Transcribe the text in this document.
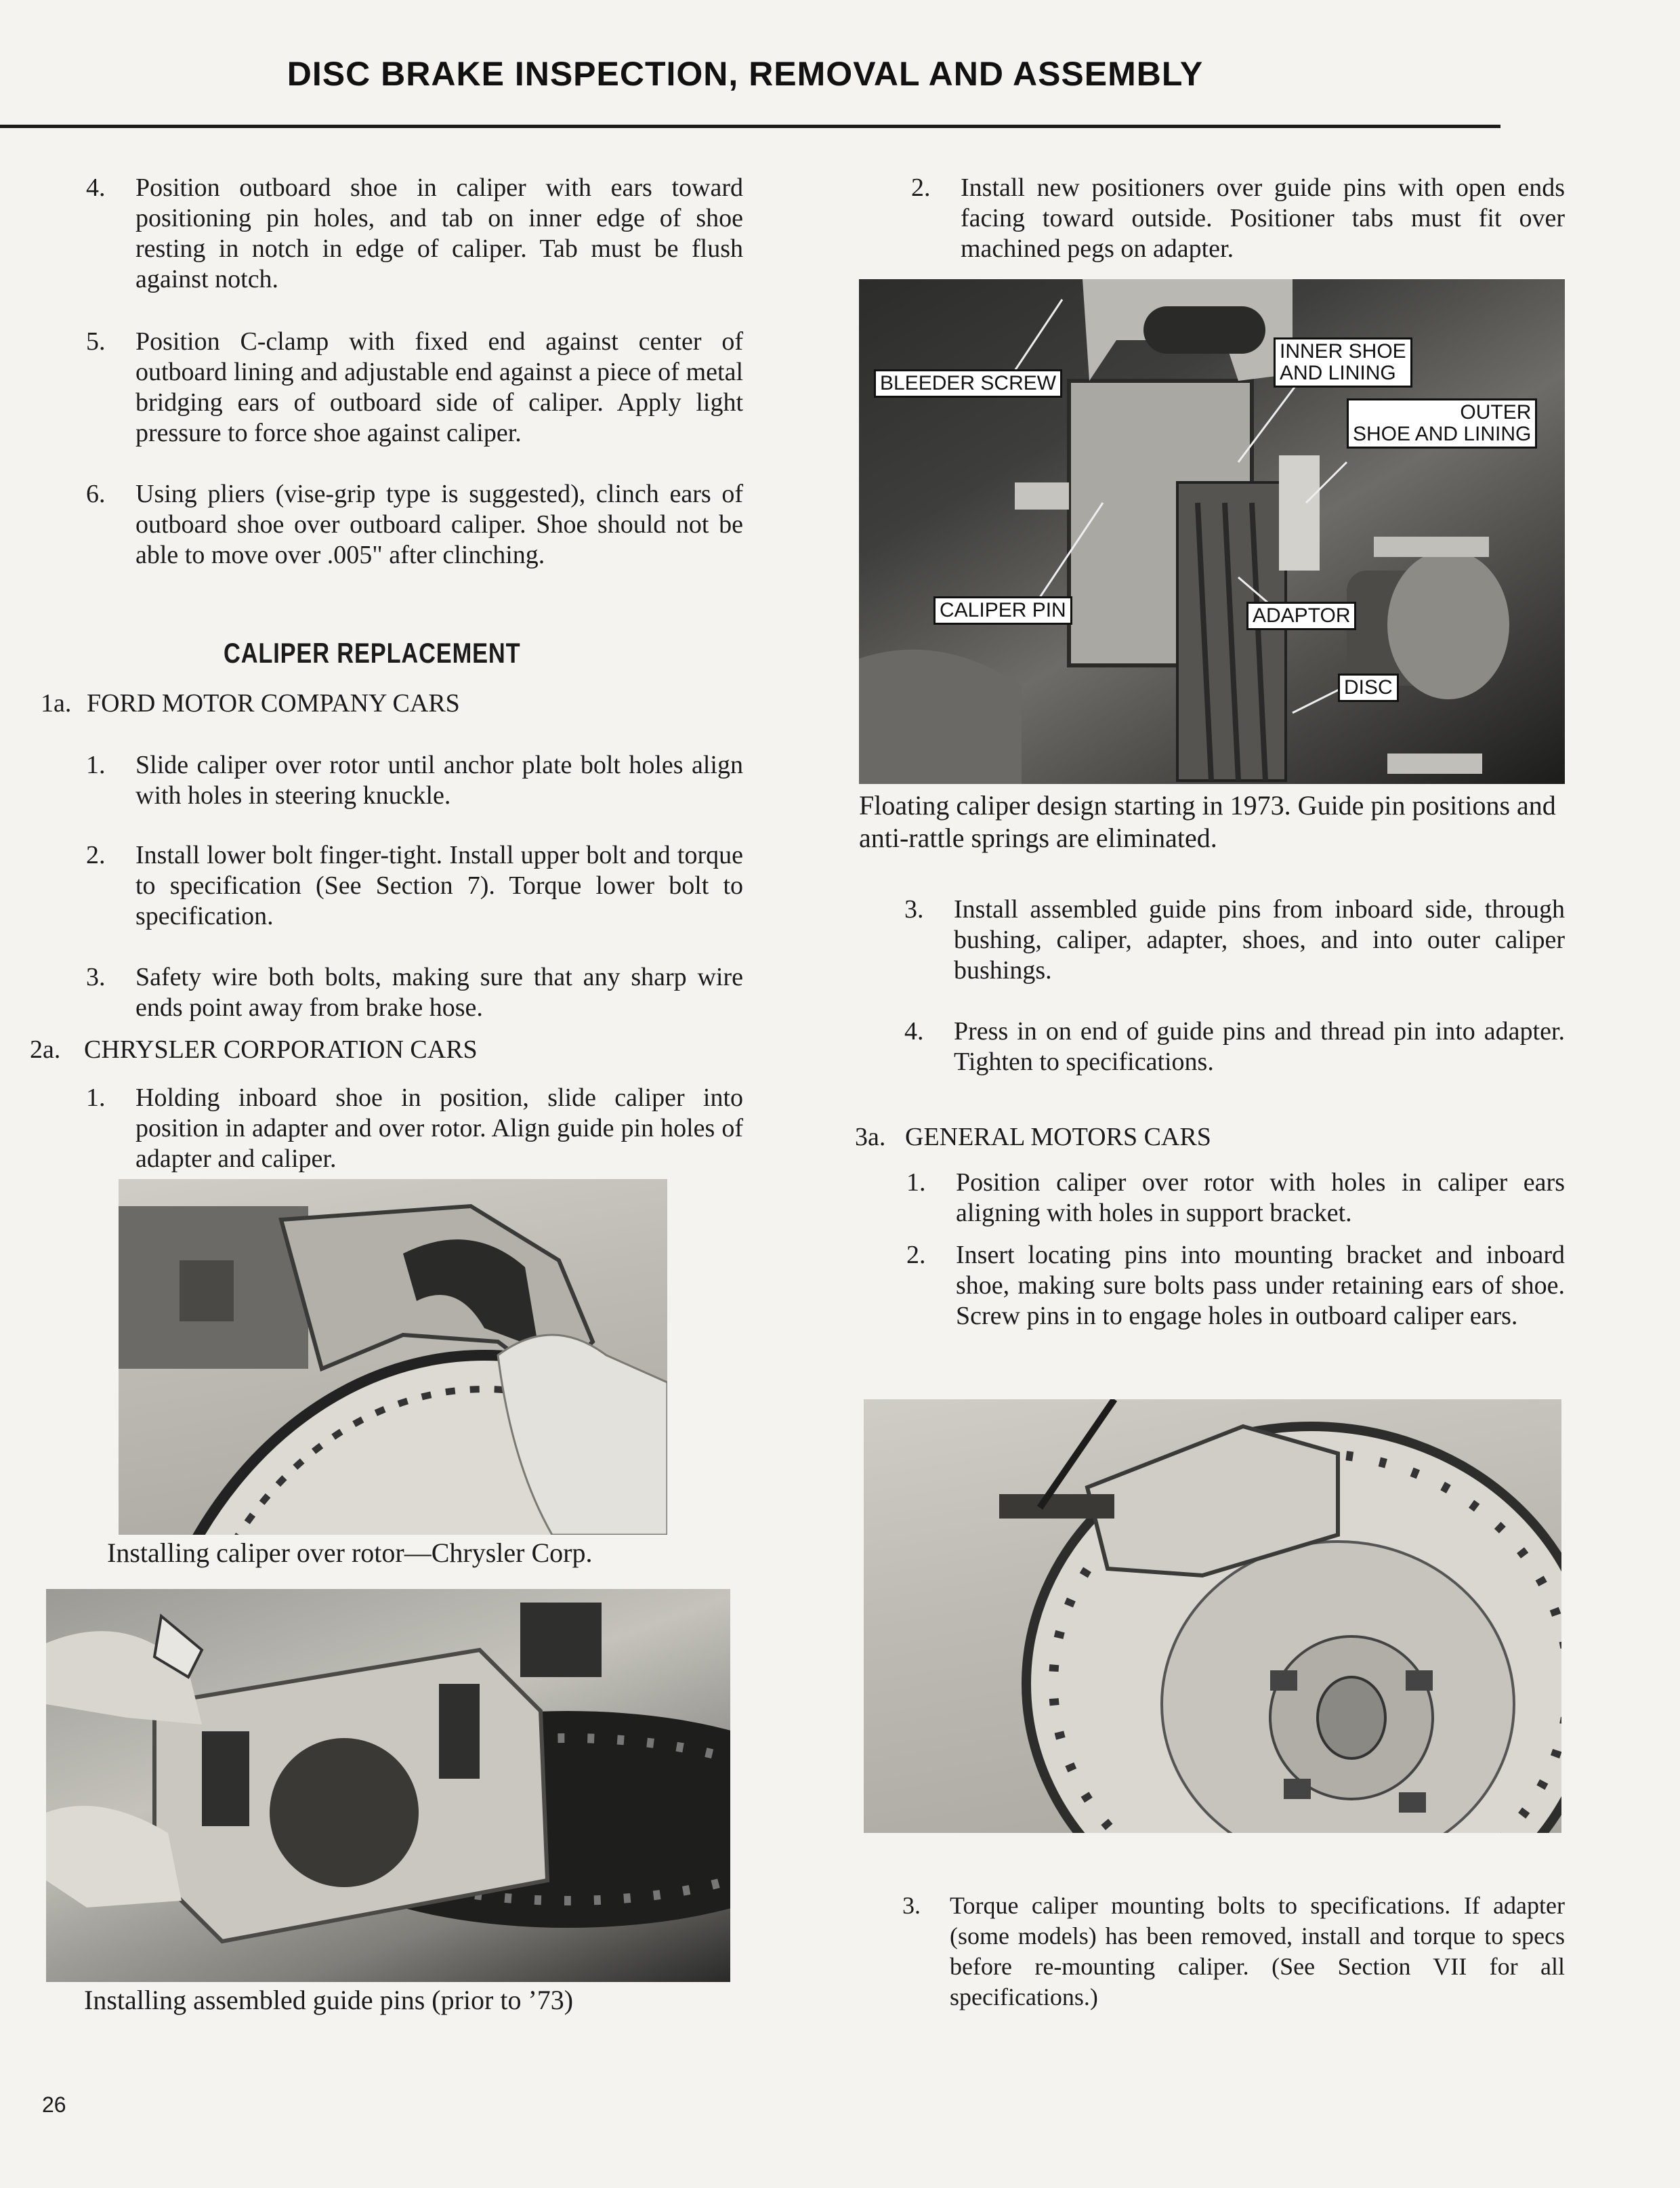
DISC BRAKE INSPECTION, REMOVAL AND ASSEMBLY
4. Position outboard shoe in caliper with ears toward positioning pin holes, and tab on inner edge of shoe resting in notch in edge of caliper. Tab must be flush against notch.
5. Position C-clamp with fixed end against center of outboard lining and adjustable end against a piece of metal bridging ears of outboard side of caliper. Apply light pressure to force shoe against caliper.
6. Using pliers (vise-grip type is suggested), clinch ears of outboard shoe over outboard caliper. Shoe should not be able to move over .005" after clinching.
CALIPER REPLACEMENT
1a. FORD MOTOR COMPANY CARS
1. Slide caliper over rotor until anchor plate bolt holes align with holes in steering knuckle.
2. Install lower bolt finger-tight. Install upper bolt and torque to specification (See Section 7). Torque lower bolt to specification.
3. Safety wire both bolts, making sure that any sharp wire ends point away from brake hose.
2a. CHRYSLER CORPORATION CARS
1. Holding inboard shoe in position, slide caliper into position in adapter and over rotor. Align guide pin holes of adapter and caliper.
Installing caliper over rotor—Chrysler Corp.
Installing assembled guide pins (prior to ’73)
2. Install new positioners over guide pins with open ends facing toward outside. Positioner tabs must fit over machined pegs on adapter.
BLEEDER SCREW
INNER SHOE
AND LINING
OUTER
SHOE AND LINING
CALIPER PIN	ADAPTOR
DISC
Floating caliper design starting in 1973. Guide pin positions and anti-rattle springs are eliminated.
3. Install assembled guide pins from inboard side, through bushing, caliper, adapter, shoes, and into outer caliper bushings.
4. Press in on end of guide pins and thread pin into adapter. Tighten to specifications.
3a. GENERAL MOTORS CARS
1. Position caliper over rotor with holes in caliper ears aligning with holes in support bracket.
2. Insert locating pins into mounting bracket and inboard shoe, making sure bolts pass under retaining ears of shoe. Screw pins in to engage holes in outboard caliper ears.
3. Torque caliper mounting bolts to specifications. If adapter (some models) has been removed, install and torque to specs before re-mounting caliper. (See Section VII for all specifications.)
26
